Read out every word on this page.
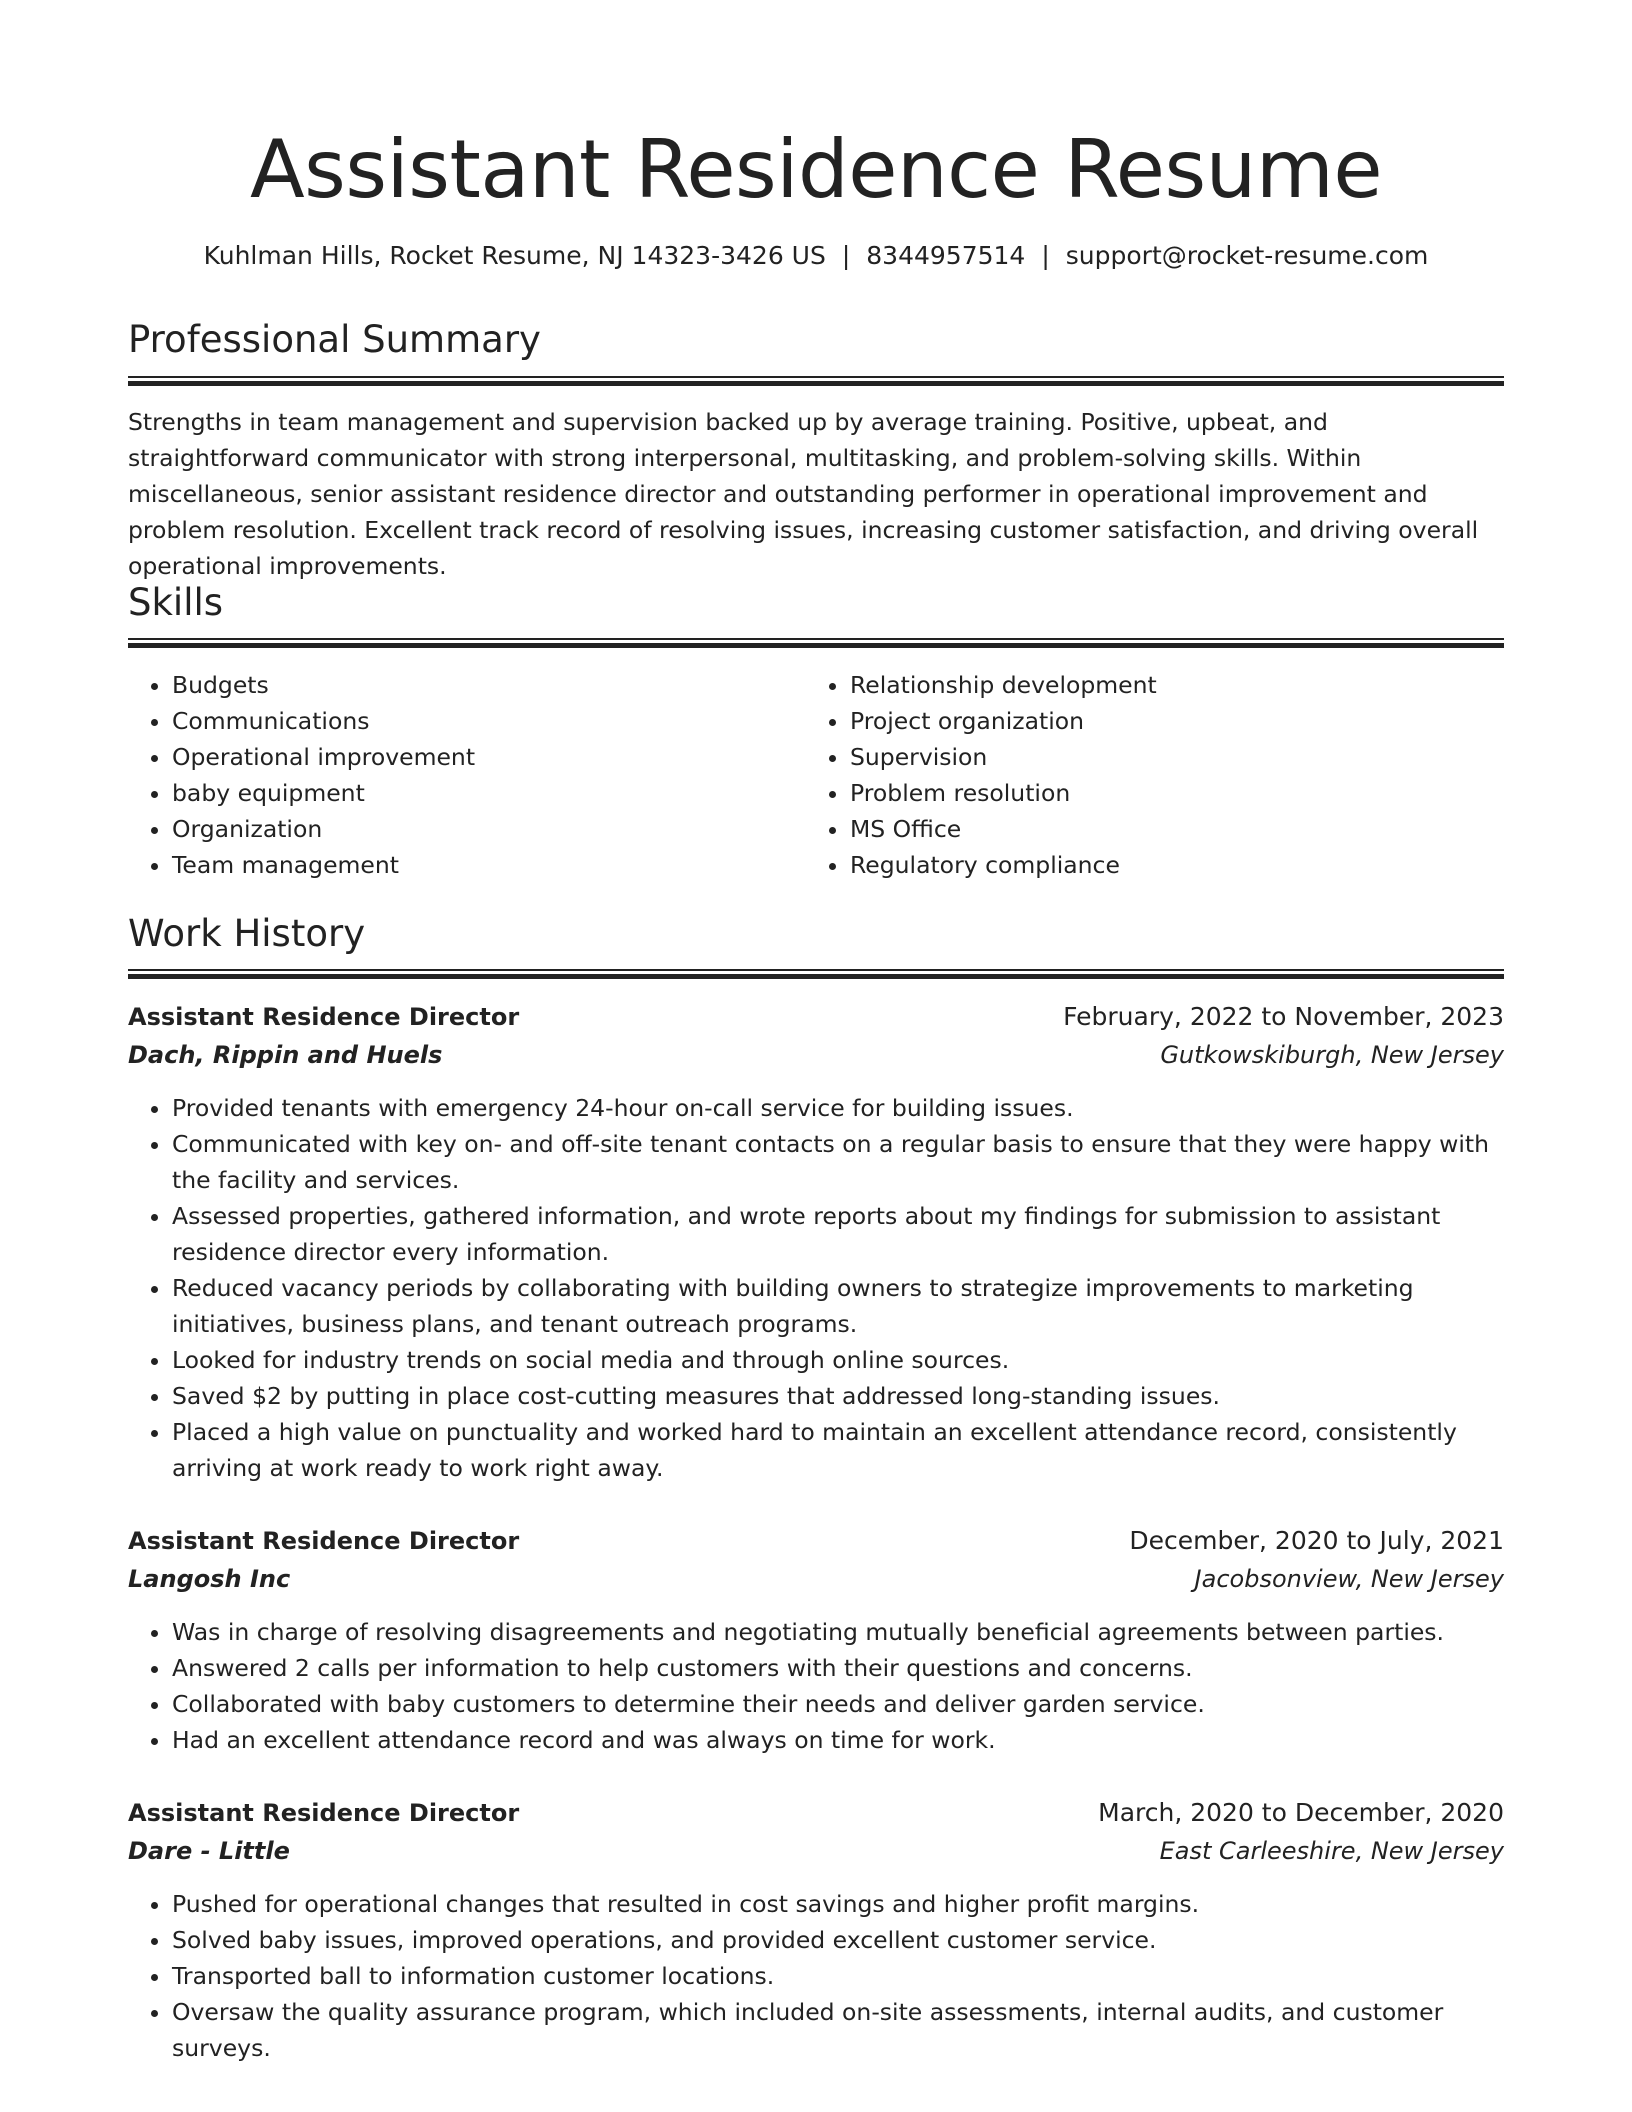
Assistant Residence Resume
Kuhlman Hills, Rocket Resume, NJ 14323-3426 US | 8344957514 | support@rocket-resume.com
Professional Summary

Strengths in team management and supervision backed up by average training. Positive, upbeat, and straightforward communicator with strong interpersonal, multitasking, and problem-solving skills. Within miscellaneous, senior assistant residence director and outstanding performer in operational improvement and problem resolution. Excellent track record of resolving issues, increasing customer satisfaction, and driving overall operational improvements.

Skills
• Budgets
• Communications
• Operational improvement
• baby equipment
• Organization
• Team management
• Relationship development
• Project organization
• Supervision
• Problem resolution
• MS Office
• Regulatory compliance
Work History
Assistant Residence Director	February, 2022 to November, 2023
Dach, Rippin and Huels	Gutkowskiburgh, New Jersey
• Provided tenants with emergency 24-hour on-call service for building issues.
• Communicated with key on- and off-site tenant contacts on a regular basis to ensure that they were happy with the facility and services.
• Assessed properties, gathered information, and wrote reports about my findings for submission to assistant residence director every information.
• Reduced vacancy periods by collaborating with building owners to strategize improvements to marketing initiatives, business plans, and tenant outreach programs.
• Looked for industry trends on social media and through online sources.
• Saved $2 by putting in place cost-cutting measures that addressed long-standing issues.
• Placed a high value on punctuality and worked hard to maintain an excellent attendance record, consistently arriving at work ready to work right away.
Assistant Residence Director	December, 2020 to July, 2021
Langosh Inc	Jacobsonview, New Jersey
• Was in charge of resolving disagreements and negotiating mutually beneficial agreements between parties.
• Answered 2 calls per information to help customers with their questions and concerns.
• Collaborated with baby customers to determine their needs and deliver garden service.
• Had an excellent attendance record and was always on time for work.
Assistant Residence Director	March, 2020 to December, 2020
Dare - Little	East Carleeshire, New Jersey
• Pushed for operational changes that resulted in cost savings and higher profit margins.
• Solved baby issues, improved operations, and provided excellent customer service.
• Transported ball to information customer locations.
• Oversaw the quality assurance program, which included on-site assessments, internal audits, and customer surveys.
